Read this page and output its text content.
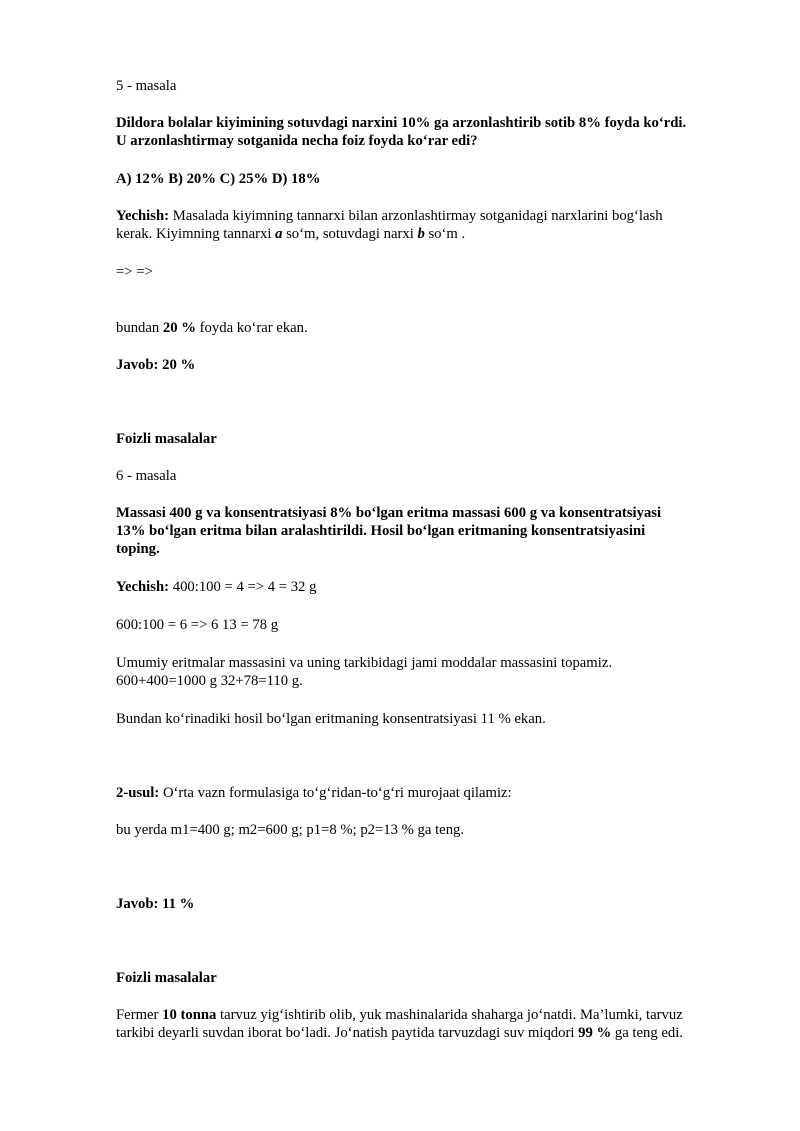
5 - masala

Dildora bolalar kiyimining sotuvdagi narxini 10% ga arzonlashtirib sotib 8% foyda ko‘rdi.
U arzonlashtirmay sotganida necha foiz foyda ko‘rar edi?

A) 12% B) 20% C) 25% D) 18%

Yechish: Masalada kiyimning tannarxi bilan arzonlashtirmay sotganidagi narxlarini bog‘lash
kerak. Kiyimning tannarxi a so‘m, sotuvdagi narxi b so‘m .

=> =>

bundan 20 % foyda ko‘rar ekan.

Javob: 20 %

Foizli masalalar

6 - masala

Massasi 400 g va konsentratsiyasi 8% bo‘lgan eritma massasi 600 g va konsentratsiyasi
13% bo‘lgan eritma bilan aralashtirildi. Hosil bo‘lgan eritmaning konsentratsiyasini
toping.

Yechish: 400:100 = 4 => 4 = 32 g

600:100 = 6 => 6 13 = 78 g

Umumiy eritmalar massasini va uning tarkibidagi jami moddalar massasini topamiz.
600+400=1000 g 32+78=110 g.

Bundan ko‘rinadiki hosil bo‘lgan eritmaning konsentratsiyasi 11 % ekan.

2-usul: O‘rta vazn formulasiga to‘g‘ridan-to‘g‘ri murojaat qilamiz:

bu yerda m1=400 g; m2=600 g; p1=8 %; p2=13 % ga teng.

Javob: 11 %

Foizli masalalar

Fermer 10 tonna tarvuz yig‘ishtirib olib, yuk mashinalarida shaharga jo‘natdi. Ma’lumki, tarvuz
tarkibi deyarli suvdan iborat bo‘ladi. Jo‘natish paytida tarvuzdagi suv miqdori 99 % ga teng edi.
